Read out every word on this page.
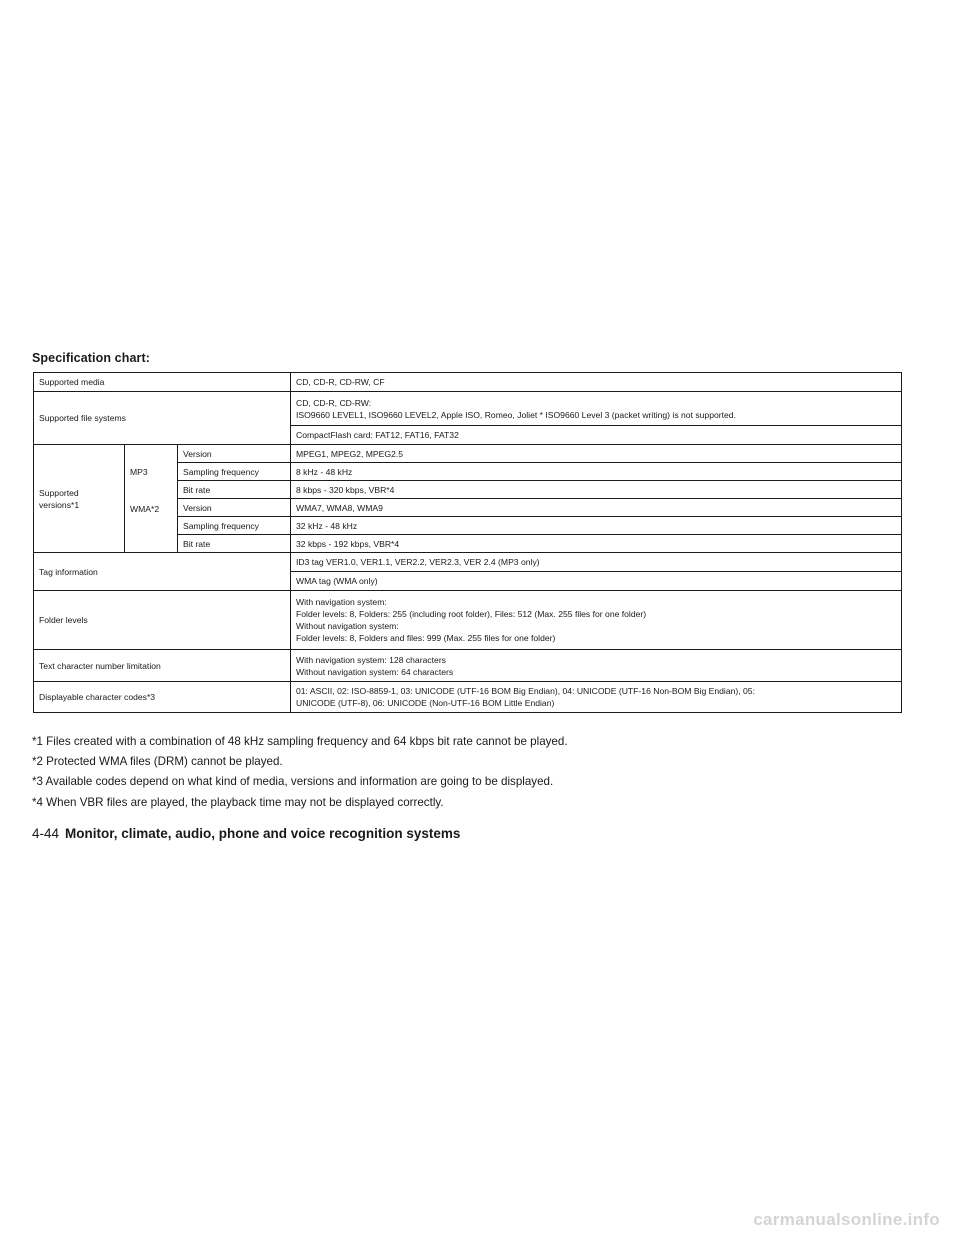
Specification chart:
Supported media			CD, CD-R, CD-RW, CF
Supported file systems			CD, CD-R, CD-RW:
ISO9660 LEVEL1, ISO9660 LEVEL2, Apple ISO, Romeo, Joliet * ISO9660 Level 3 (packet writing) is not supported.

			CompactFlash card: FAT12, FAT16, FAT32

Supported
versions*1	MP3	Version	MPEG1, MPEG2, MPEG2.5
		Sampling frequency	8 kHz - 48 kHz
		Bit rate	8 kbps - 320 kbps, VBR*4
	WMA*2	Version	WMA7, WMA8, WMA9
		Sampling frequency	32 kHz - 48 kHz
		Bit rate	32 kbps - 192 kbps, VBR*4
Tag information			ID3 tag VER1.0, VER1.1, VER2.2, VER2.3, VER 2.4 (MP3 only)
			WMA tag (WMA only)
Folder levels			With navigation system:
Folder levels: 8, Folders: 255 (including root folder), Files: 512 (Max. 255 files for one folder)
Without navigation system:
Folder levels: 8, Folders and files: 999 (Max. 255 files for one folder)

Text character number limitation			With navigation system: 128 characters
Without navigation system: 64 characters

Displayable character codes*3			01: ASCII, 02: ISO-8859-1, 03: UNICODE (UTF-16 BOM Big Endian), 04: UNICODE (UTF-16 Non-BOM Big Endian), 05:
UNICODE (UTF-8), 06: UNICODE (Non-UTF-16 BOM Little Endian)

*1 Files created with a combination of 48 kHz sampling frequency and 64 kbps bit rate cannot be played.

*2 Protected WMA files (DRM) cannot be played.

*3 Available codes depend on what kind of media, versions and information are going to be displayed.

*4 When VBR files are played, the playback time may not be displayed correctly.

4-44 Monitor, climate, audio, phone and voice recognition systems
carmanualsonline.info
